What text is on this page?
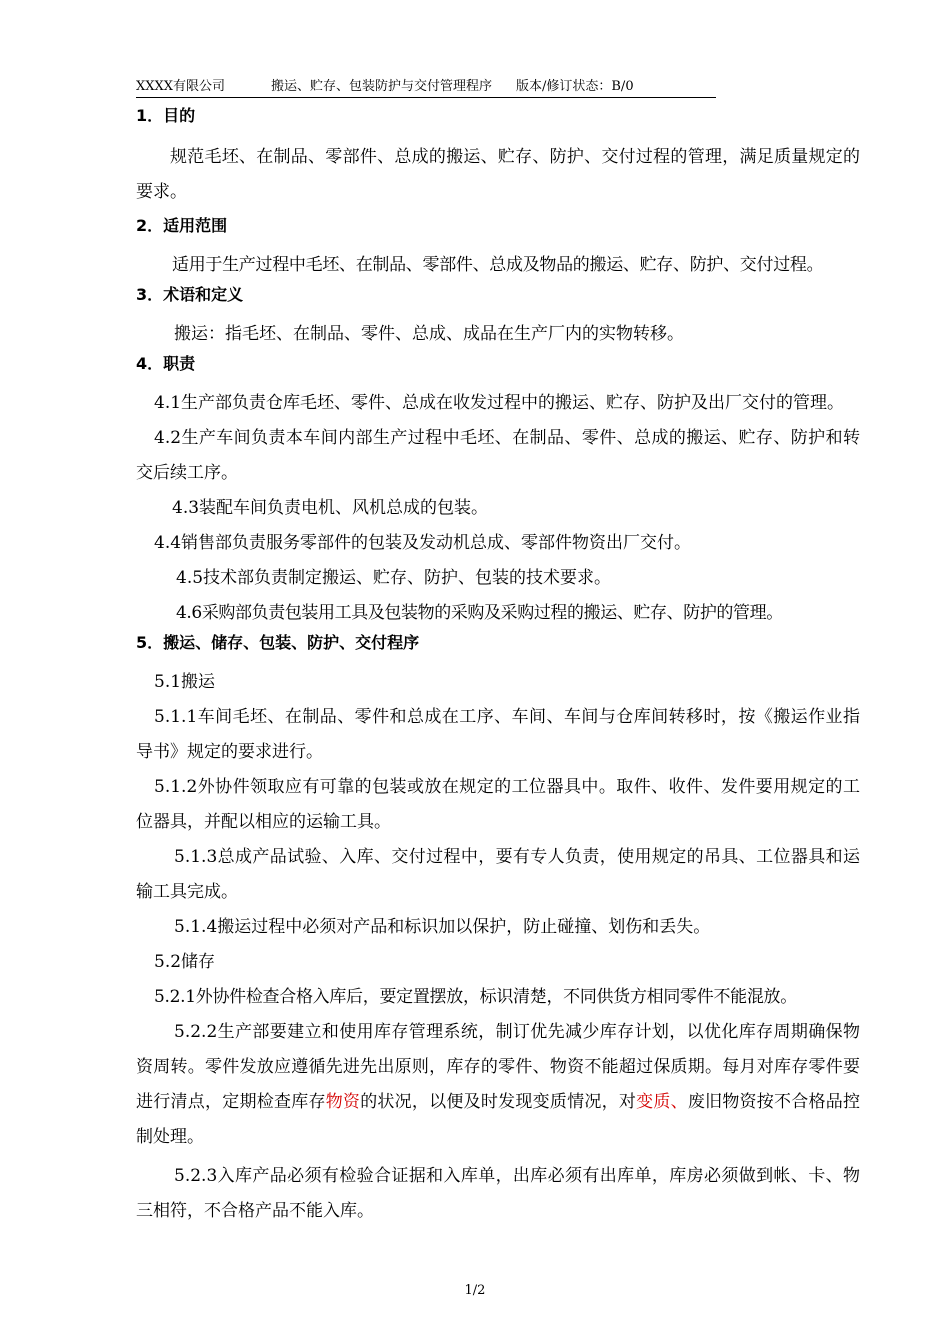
XXXX有限公司	搬运、贮存、包装防护与交付管理程序 版本/修订状态：B/0
1．目的

规范毛坯、在制品、零部件、总成的搬运、贮存、防护、交付过程的管理，满足质量规定的要求。

2．适用范围

适用于生产过程中毛坯、在制品、零部件、总成及物品的搬运、贮存、防护、交付过程。

3．术语和定义

搬运：指毛坯、在制品、零件、总成、成品在生产厂内的实物转移。

4．职责

4.1生产部负责仓库毛坯、零件、总成在收发过程中的搬运、贮存、防护及出厂交付的管理。

4.2生产车间负责本车间内部生产过程中毛坯、在制品、零件、总成的搬运、贮存、防护和转交后续工序。

4.3装配车间负责电机、风机总成的包装。

4.4销售部负责服务零部件的包装及发动机总成、零部件物资出厂交付。

4.5技术部负责制定搬运、贮存、防护、包装的技术要求。

4.6采购部负责包装用工具及包装物的采购及采购过程的搬运、贮存、防护的管理。

5．搬运、储存、包装、防护、交付程序

5.1搬运

5.1.1车间毛坯、在制品、零件和总成在工序、车间、车间与仓库间转移时，按《搬运作业指导书》规定的要求进行。

5.1.2外协件领取应有可靠的包装或放在规定的工位器具中。取件、收件、发件要用规定的工位器具，并配以相应的运输工具。

5.1.3总成产品试验、入库、交付过程中，要有专人负责，使用规定的吊具、工位器具和运输工具完成。

5.1.4搬运过程中必须对产品和标识加以保护，防止碰撞、划伤和丢失。

5.2储存

5.2.1外协件检查合格入库后，要定置摆放，标识清楚，不同供货方相同零件不能混放。

5.2.2生产部要建立和使用库存管理系统，制订优先减少库存计划，以优化库存周期确保物资周转。零件发放应遵循先进先出原则，库存的零件、物资不能超过保质期。每月对库存零件要进行清点，定期检查库存物资的状况，以便及时发现变质情况，对变质、废旧物资按不合格品控制处理。

5.2.3入库产品必须有检验合证据和入库单，出库必须有出库单，库房必须做到帐、卡、物三相符，不合格产品不能入库。

1/2
